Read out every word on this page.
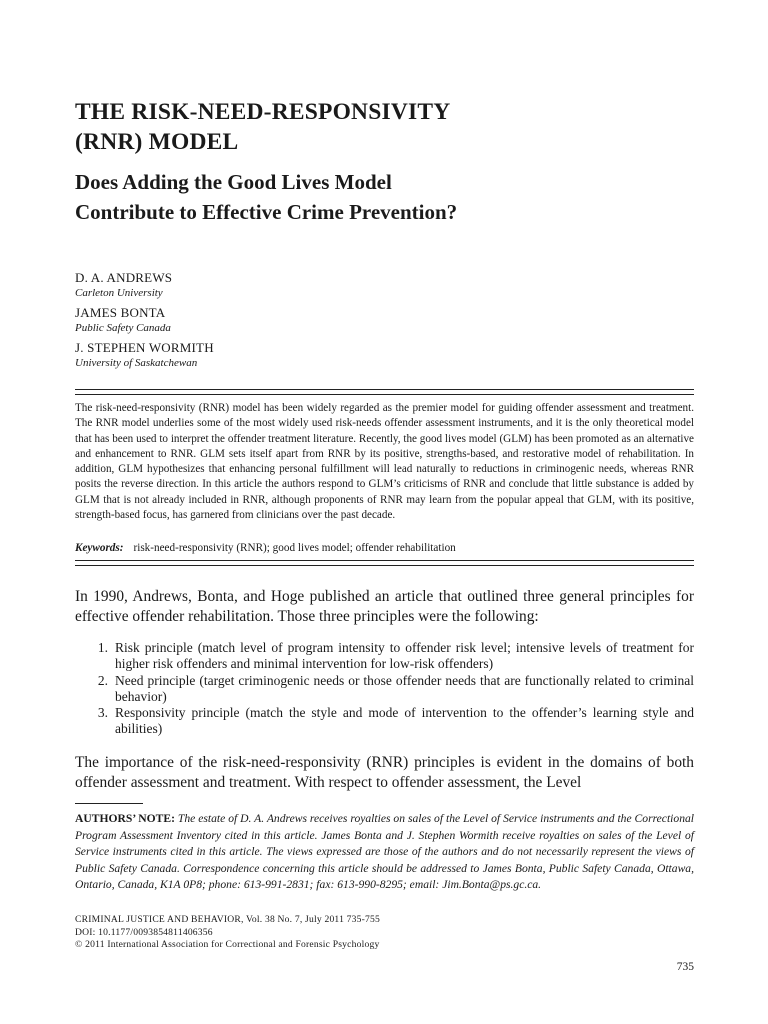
THE RISK-NEED-RESPONSIVITY
(RNR) MODEL
Does Adding the Good Lives Model
Contribute to Effective Crime Prevention?
D. A. ANDREWS
Carleton University
JAMES BONTA
Public Safety Canada
J. STEPHEN WORMITH
University of Saskatchewan
The risk-need-responsivity (RNR) model has been widely regarded as the premier model for guiding offender assessment and treatment. The RNR model underlies some of the most widely used risk-needs offender assessment instruments, and it is the only theoretical model that has been used to interpret the offender treatment literature. Recently, the good lives model (GLM) has been promoted as an alternative and enhancement to RNR. GLM sets itself apart from RNR by its positive, strengths-based, and restorative model of rehabilitation. In addition, GLM hypothesizes that enhancing personal fulfillment will lead naturally to reductions in criminogenic needs, whereas RNR posits the reverse direction. In this article the authors respond to GLM’s criticisms of RNR and conclude that little substance is added by GLM that is not already included in RNR, although proponents of RNR may learn from the popular appeal that GLM, with its positive, strength-based focus, has garnered from clinicians over the past decade.
Keywords: risk-need-responsivity (RNR); good lives model; offender rehabilitation
In 1990, Andrews, Bonta, and Hoge published an article that outlined three general principles for effective offender rehabilitation. Those three principles were the following:
1. Risk principle (match level of program intensity to offender risk level; intensive levels of treatment for higher risk offenders and minimal intervention for low-risk offenders)
2. Need principle (target criminogenic needs or those offender needs that are functionally related to criminal behavior)
3. Responsivity principle (match the style and mode of intervention to the offender’s learning style and abilities)
The importance of the risk-need-responsivity (RNR) principles is evident in the domains of both offender assessment and treatment. With respect to offender assessment, the Level
AUTHORS’ NOTE: The estate of D. A. Andrews receives royalties on sales of the Level of Service instruments and the Correctional Program Assessment Inventory cited in this article. James Bonta and J. Stephen Wormith receive royalties on sales of the Level of Service instruments cited in this article. The views expressed are those of the authors and do not necessarily represent the views of Public Safety Canada. Correspondence concerning this article should be addressed to James Bonta, Public Safety Canada, Ottawa, Ontario, Canada, K1A 0P8; phone: 613-991-2831; fax: 613-990-8295; email: Jim.Bonta@ps.gc.ca.
CRIMINAL JUSTICE AND BEHAVIOR, Vol. 38 No. 7, July 2011 735-755
DOI: 10.1177/0093854811406356
© 2011 International Association for Correctional and Forensic Psychology
735
